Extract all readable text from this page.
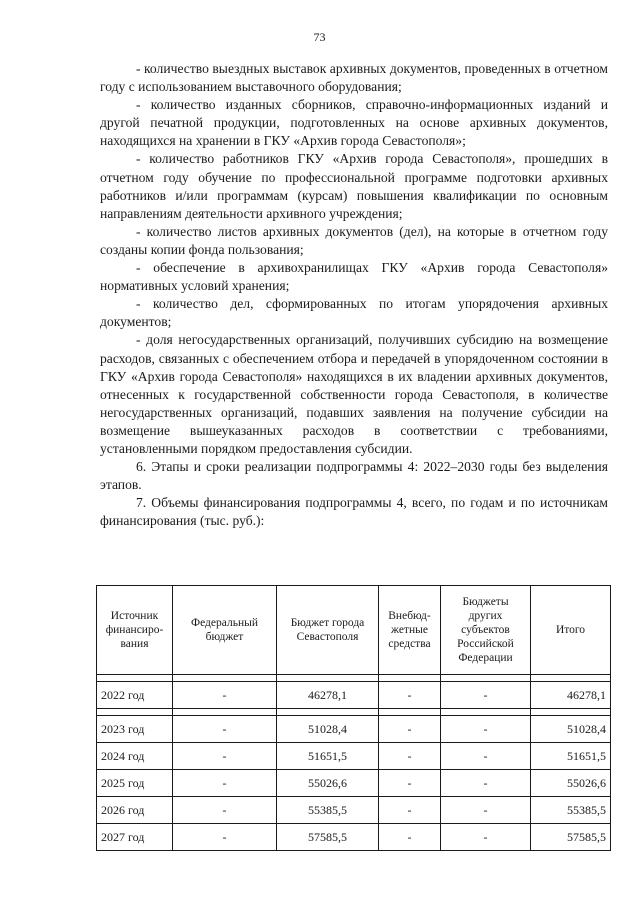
73

- количество выездных выставок архивных документов, проведенных в отчетном году с использованием выставочного оборудования;

- количество изданных сборников, справочно-информационных изданий и другой печатной продукции, подготовленных на основе архивных документов, находящихся на хранении в ГКУ «Архив города Севастополя»;

- количество работников ГКУ «Архив города Севастополя», прошедших в отчетном году обучение по профессиональной программе подготовки архивных работников и/или программам (курсам) повышения квалификации по основным направлениям деятельности архивного учреждения;

- количество листов архивных документов (дел), на которые в отчетном году созданы копии фонда пользования;

- обеспечение в архивохранилищах ГКУ «Архив города Севастополя» нормативных условий хранения;

- количество дел, сформированных по итогам упорядочения архивных документов;

- доля негосударственных организаций, получивших субсидию на возмещение расходов, связанных с обеспечением отбора и передачей в упорядоченном состоянии в ГКУ «Архив города Севастополя» находящихся в их владении архивных документов, отнесенных к государственной собственности города Севастополя, в количестве негосударственных организаций, подавших заявления на получение субсидии на возмещение вышеуказанных расходов в соответствии с требованиями, установленными порядком предоставления субсидии.

6. Этапы и сроки реализации подпрограммы 4: 2022–2030 годы без выделения этапов.

7. Объемы финансирования подпрограммы 4, всего, по годам и по источникам финансирования (тыс. руб.):

Источник финансиро-вания	Федеральный бюджет	Бюджет города Севастополя	Внебюд-жетные средства	Бюджеты других субъектов Российской Федерации	Итого

2022 год	-	46278,1	-	-	46278,1

2023 год	-	51028,4	-	-	51028,4
2024 год	-	51651,5	-	-	51651,5
2025 год	-	55026,6	-	-	55026,6
2026 год	-	55385,5	-	-	55385,5
2027 год	-	57585,5	-	-	57585,5
